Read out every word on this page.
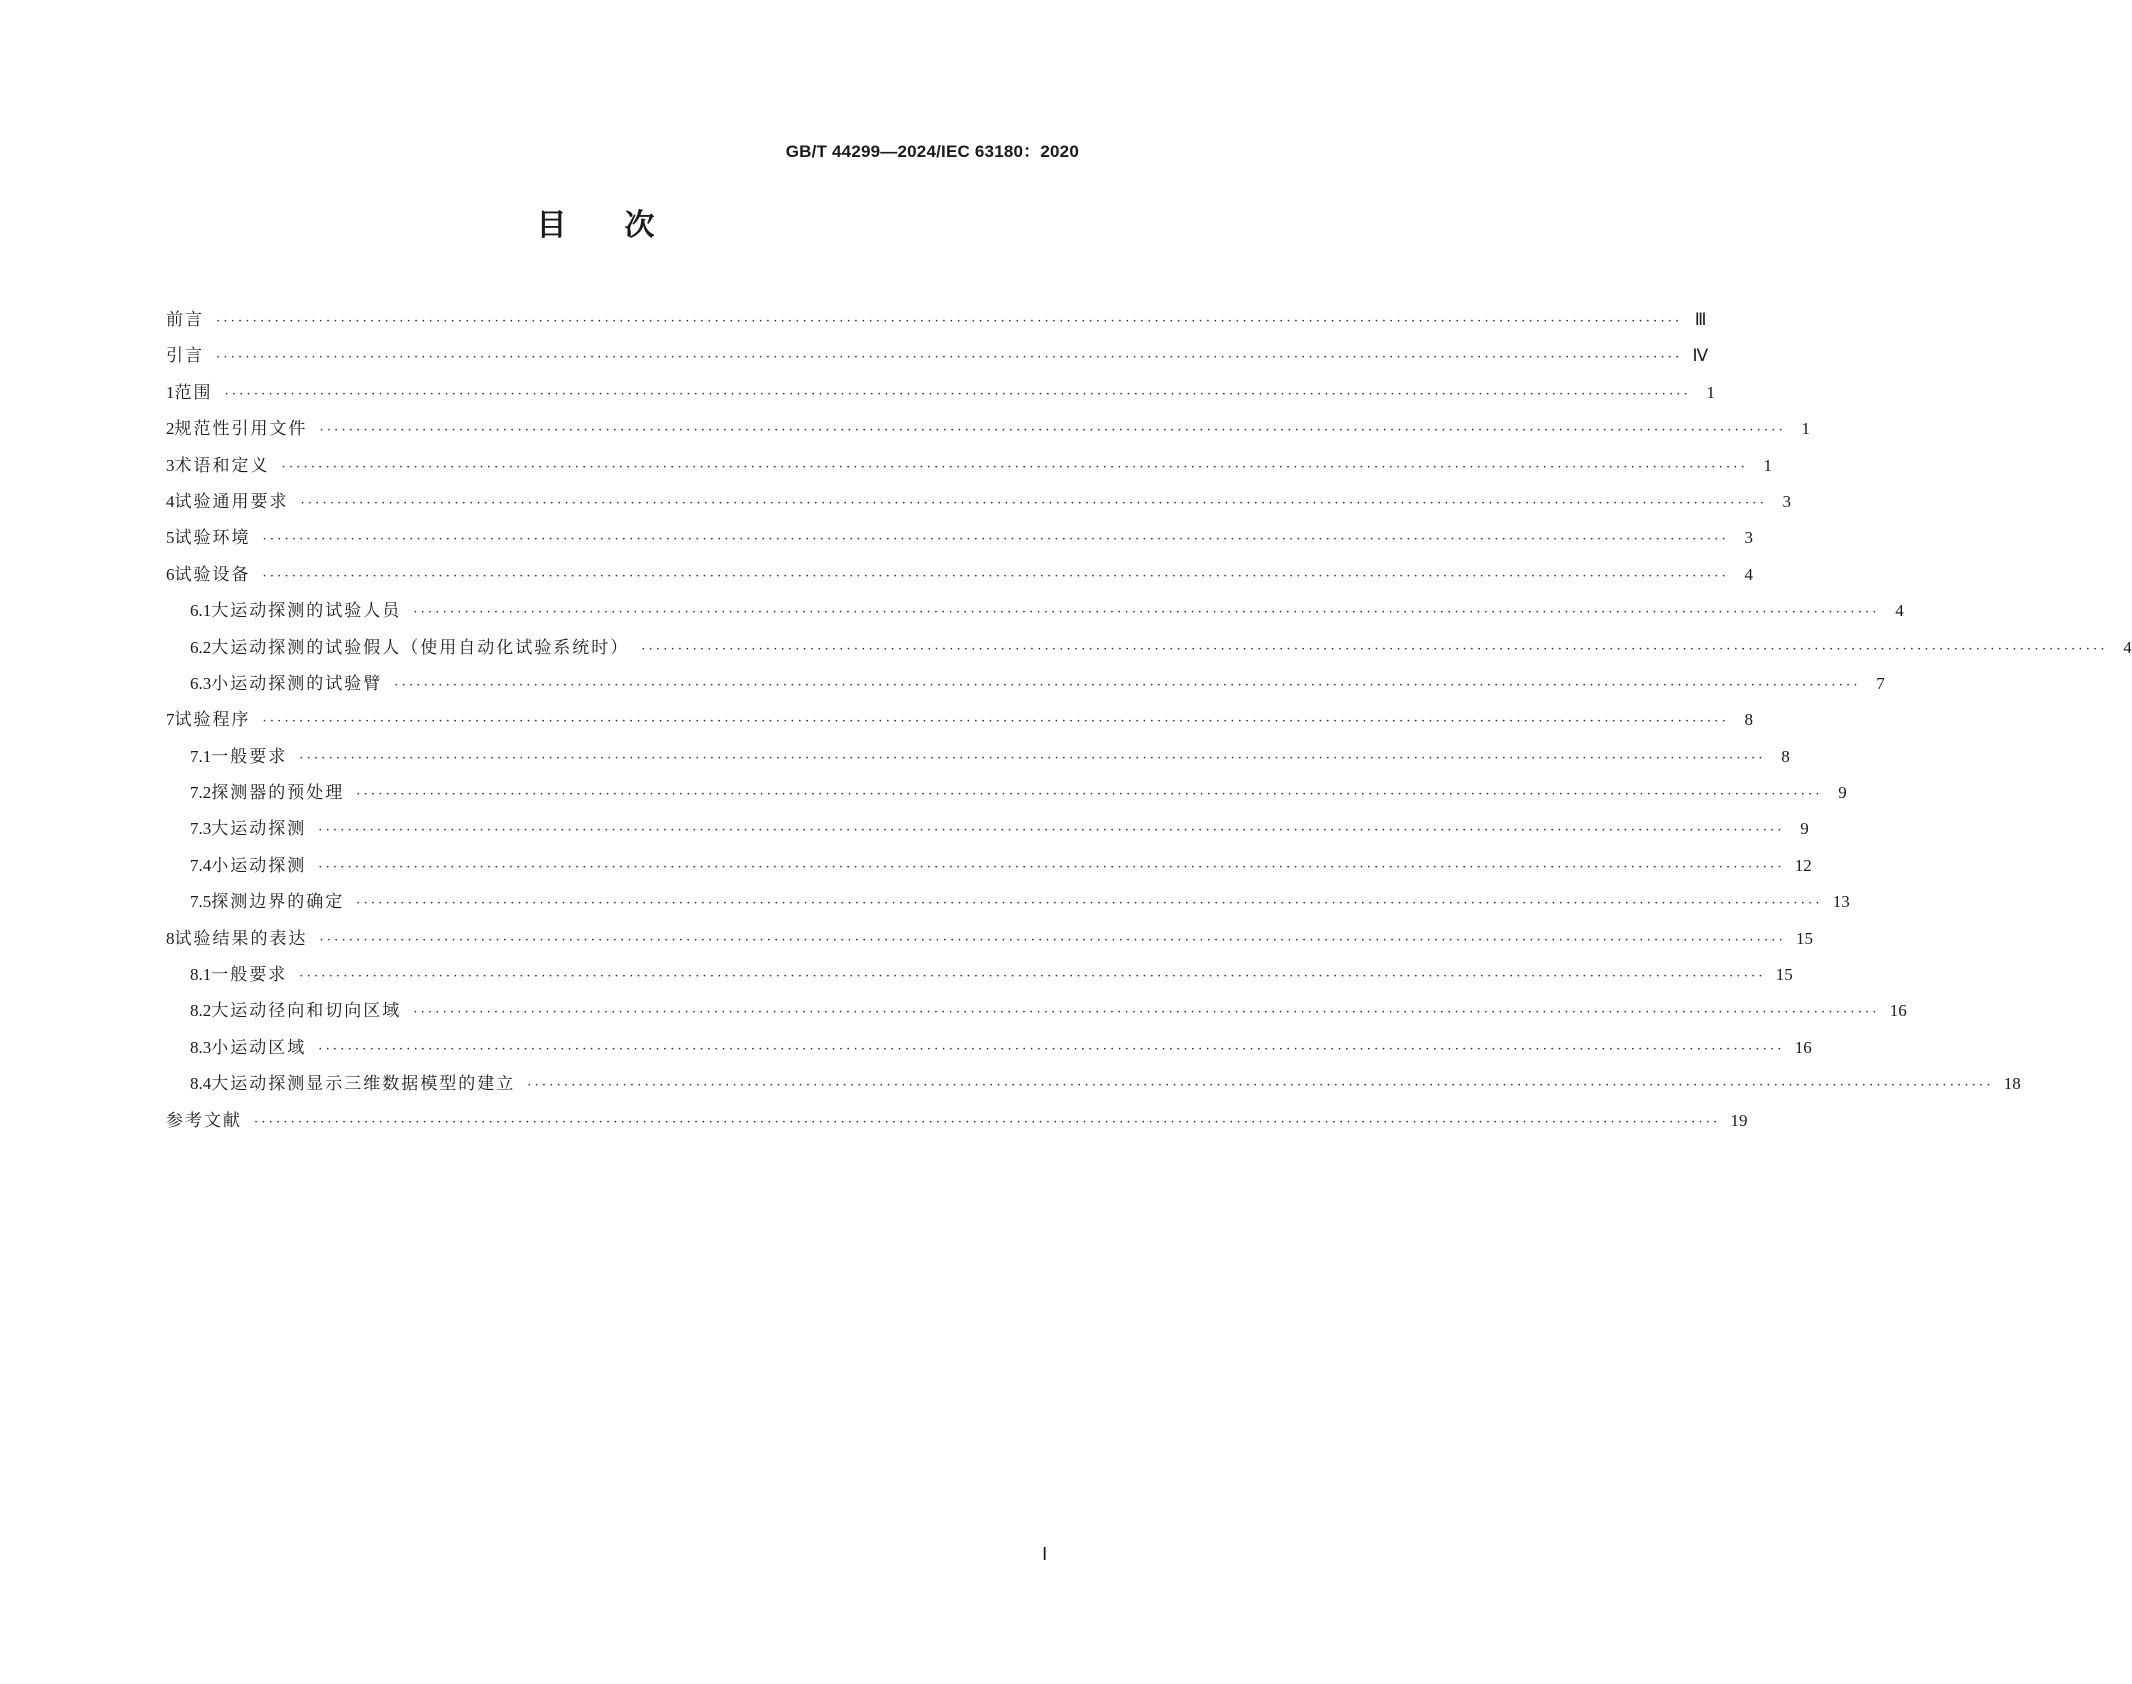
GB/T 44299—2024/IEC 63180：2020
目 次
前言 ········································································································································································································ Ⅲ
引言 ········································································································································································································ Ⅳ
1 范围 ········································································································································································································ 1
2 规范性引用文件 ········································································································································································································ 1
3 术语和定义 ········································································································································································································ 1
4 试验通用要求 ········································································································································································································ 3
5 试验环境 ········································································································································································································ 3
6 试验设备 ········································································································································································································ 4
6.1 大运动探测的试验人员 ········································································································································································································ 4
6.2 大运动探测的试验假人（使用自动化试验系统时） ········································································································································································································ 4
6.3 小运动探测的试验臂 ········································································································································································································ 7
7 试验程序 ········································································································································································································ 8
7.1 一般要求 ········································································································································································································ 8
7.2 探测器的预处理 ········································································································································································································ 9
7.3 大运动探测 ········································································································································································································ 9
7.4 小运动探测 ········································································································································································································ 12
7.5 探测边界的确定 ········································································································································································································ 13
8 试验结果的表达 ········································································································································································································ 15
8.1 一般要求 ········································································································································································································ 15
8.2 大运动径向和切向区域 ········································································································································································································ 16
8.3 小运动区域 ········································································································································································································ 16
8.4 大运动探测显示三维数据模型的建立 ········································································································································································································ 18
参考文献 ········································································································································································································ 19
Ⅰ
